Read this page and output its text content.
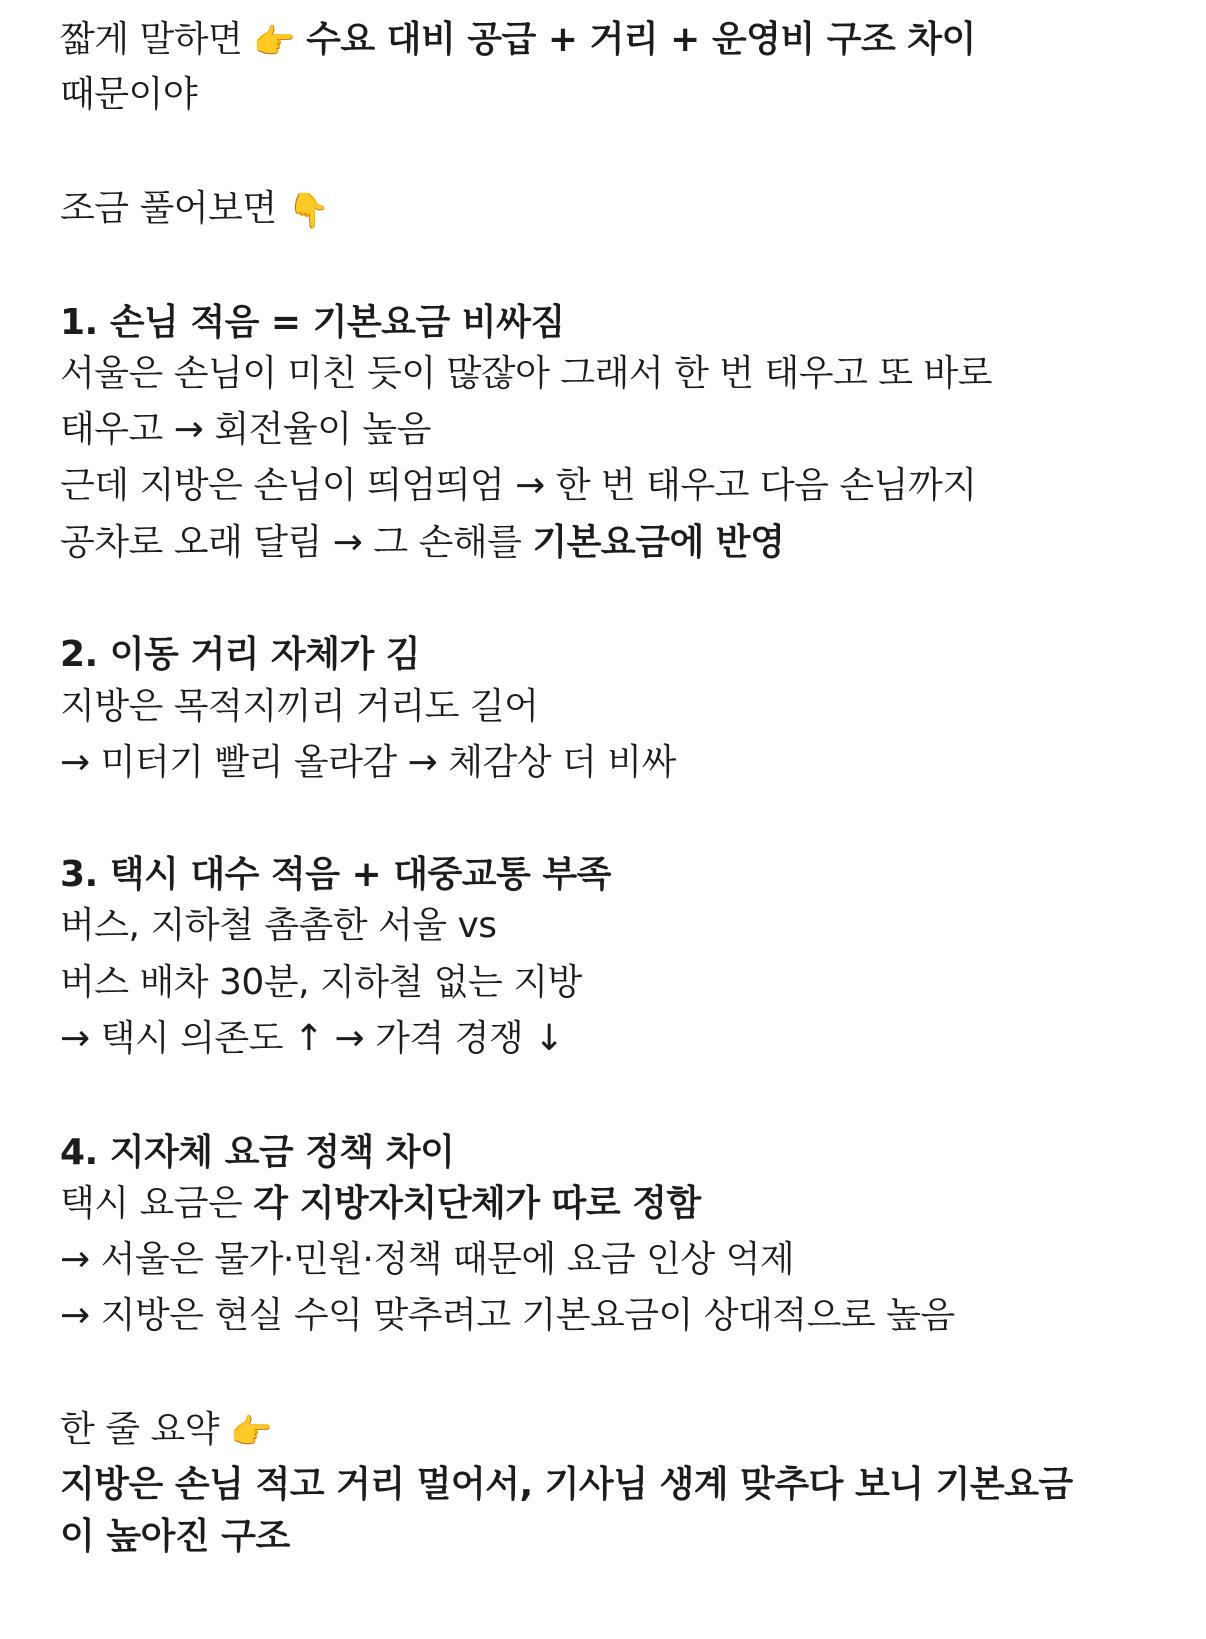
짧게 말하면 👉 수요 대비 공급 + 거리 + 운영비 구조 차이
때문이야
조금 풀어보면 👇
1. 손님 적음 = 기본요금 비싸짐
서울은 손님이 미친 듯이 많잖아 그래서 한 번 태우고 또 바로
태우고 → 회전율이 높음
근데 지방은 손님이 띄엄띄엄 → 한 번 태우고 다음 손님까지
공차로 오래 달림 → 그 손해를 기본요금에 반영
2. 이동 거리 자체가 김
지방은 목적지끼리 거리도 길어
→ 미터기 빨리 올라감 → 체감상 더 비싸
3. 택시 대수 적음 + 대중교통 부족
버스, 지하철 촘촘한 서울 vs
버스 배차 30분, 지하철 없는 지방
→ 택시 의존도 ↑ → 가격 경쟁 ↓
4. 지자체 요금 정책 차이
택시 요금은 각 지방자치단체가 따로 정함
→ 서울은 물가·민원·정책 때문에 요금 인상 억제
→ 지방은 현실 수익 맞추려고 기본요금이 상대적으로 높음
한 줄 요약 👉
지방은 손님 적고 거리 멀어서, 기사님 생계 맞추다 보니 기본요금
이 높아진 구조
